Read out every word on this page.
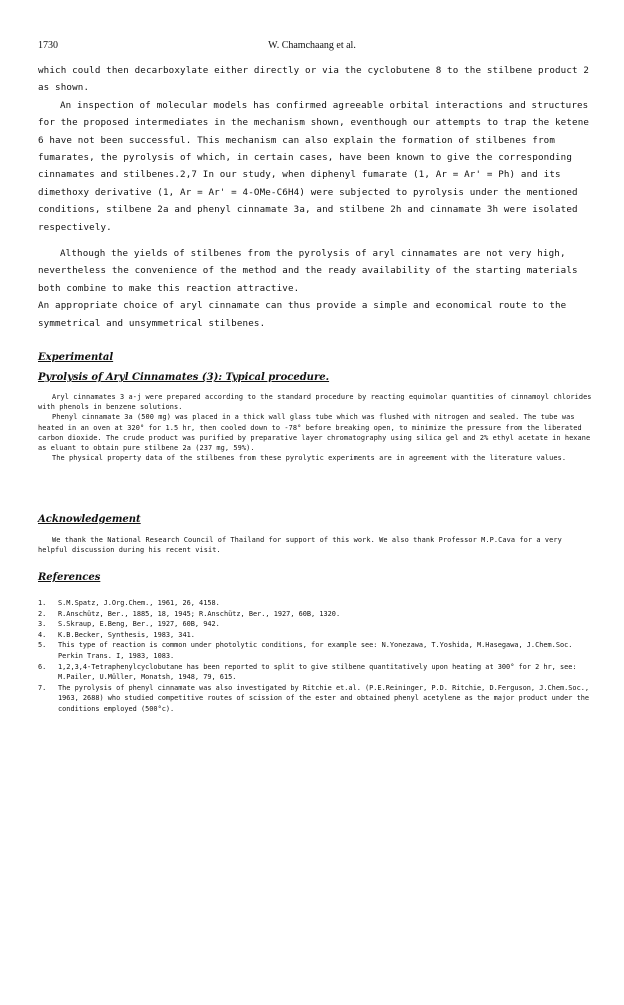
1730	W. Chamchaang et al.

which could then decarboxylate either directly or via the cyclobutene 8 to the stilbene product 2 as shown.

An inspection of molecular models has confirmed agreeable orbital interactions and structures for the proposed intermediates in the mechanism shown, eventhough our attempts to trap the ketene 6 have not been successful. This mechanism can also explain the formation of stilbenes from fumarates, the pyrolysis of which, in certain cases, have been known to give the corresponding cinnamates and stilbenes.2,7 In our study, when diphenyl fumarate (1, Ar = Ar' = Ph) and its dimethoxy derivative (1, Ar = Ar' = 4-OMe-C6H4) were subjected to pyrolysis under the mentioned conditions, stilbene 2a and phenyl cinnamate 3a, and stilbene 2h and cinnamate 3h were isolated respectively.

Although the yields of stilbenes from the pyrolysis of aryl cinnamates are not very high, nevertheless the convenience of the method and the ready availability of the starting materials both combine to make this reaction attractive.

An appropriate choice of aryl cinnamate can thus provide a simple and economical route to the symmetrical and unsymmetrical stilbenes.

Experimental
Pyrolysis of Aryl Cinnamates (3): Typical procedure.

Aryl cinnamates 3 a-j were prepared according to the standard procedure by reacting equimolar quantities of cinnamoyl chlorides with phenols in benzene solutions.

Phenyl cinnamate 3a (500 mg) was placed in a thick wall glass tube which was flushed with nitrogen and sealed. The tube was heated in an oven at 320° for 1.5 hr, then cooled down to -78° before breaking open, to minimize the pressure from the liberated carbon dioxide. The crude product was purified by preparative layer chromatography using silica gel and 2% ethyl acetate in hexane as eluant to obtain pure stilbene 2a (237 mg, 59%).

The physical property data of the stilbenes from these pyrolytic experiments are in agreement with the literature values.

Acknowledgement

We thank the National Research Council of Thailand for support of this work. We also thank Professor M.P.Cava for a very helpful discussion during his recent visit.

References
1.	S.M.Spatz, J.Org.Chem., 1961, 26, 4158.
2.	R.Anschütz, Ber., 1885, 18, 1945; R.Anschütz, Ber., 1927, 60B, 1320.
3.	S.Skraup, E.Beng, Ber., 1927, 60B, 942.
4.	K.B.Becker, Synthesis, 1983, 341.
5.	This type of reaction is common under photolytic conditions, for example see: N.Yonezawa, T.Yoshida, M.Hasegawa, J.Chem.Soc. Perkin Trans. I, 1983, 1083.
6.	1,2,3,4-Tetraphenylcyclobutane has been reported to split to give stilbene quantitatively upon heating at 300° for 2 hr, see: M.Pailer, U.Müller, Monatsh, 1948, 79, 615.
7.	The pyrolysis of phenyl cinnamate was also investigated by Ritchie et.al. (P.E.Reininger, P.D. Ritchie, D.Ferguson, J.Chem.Soc., 1963, 2688) who studied competitive routes of scission of the ester and obtained phenyl acetylene as the major product under the conditions employed (500°c).
